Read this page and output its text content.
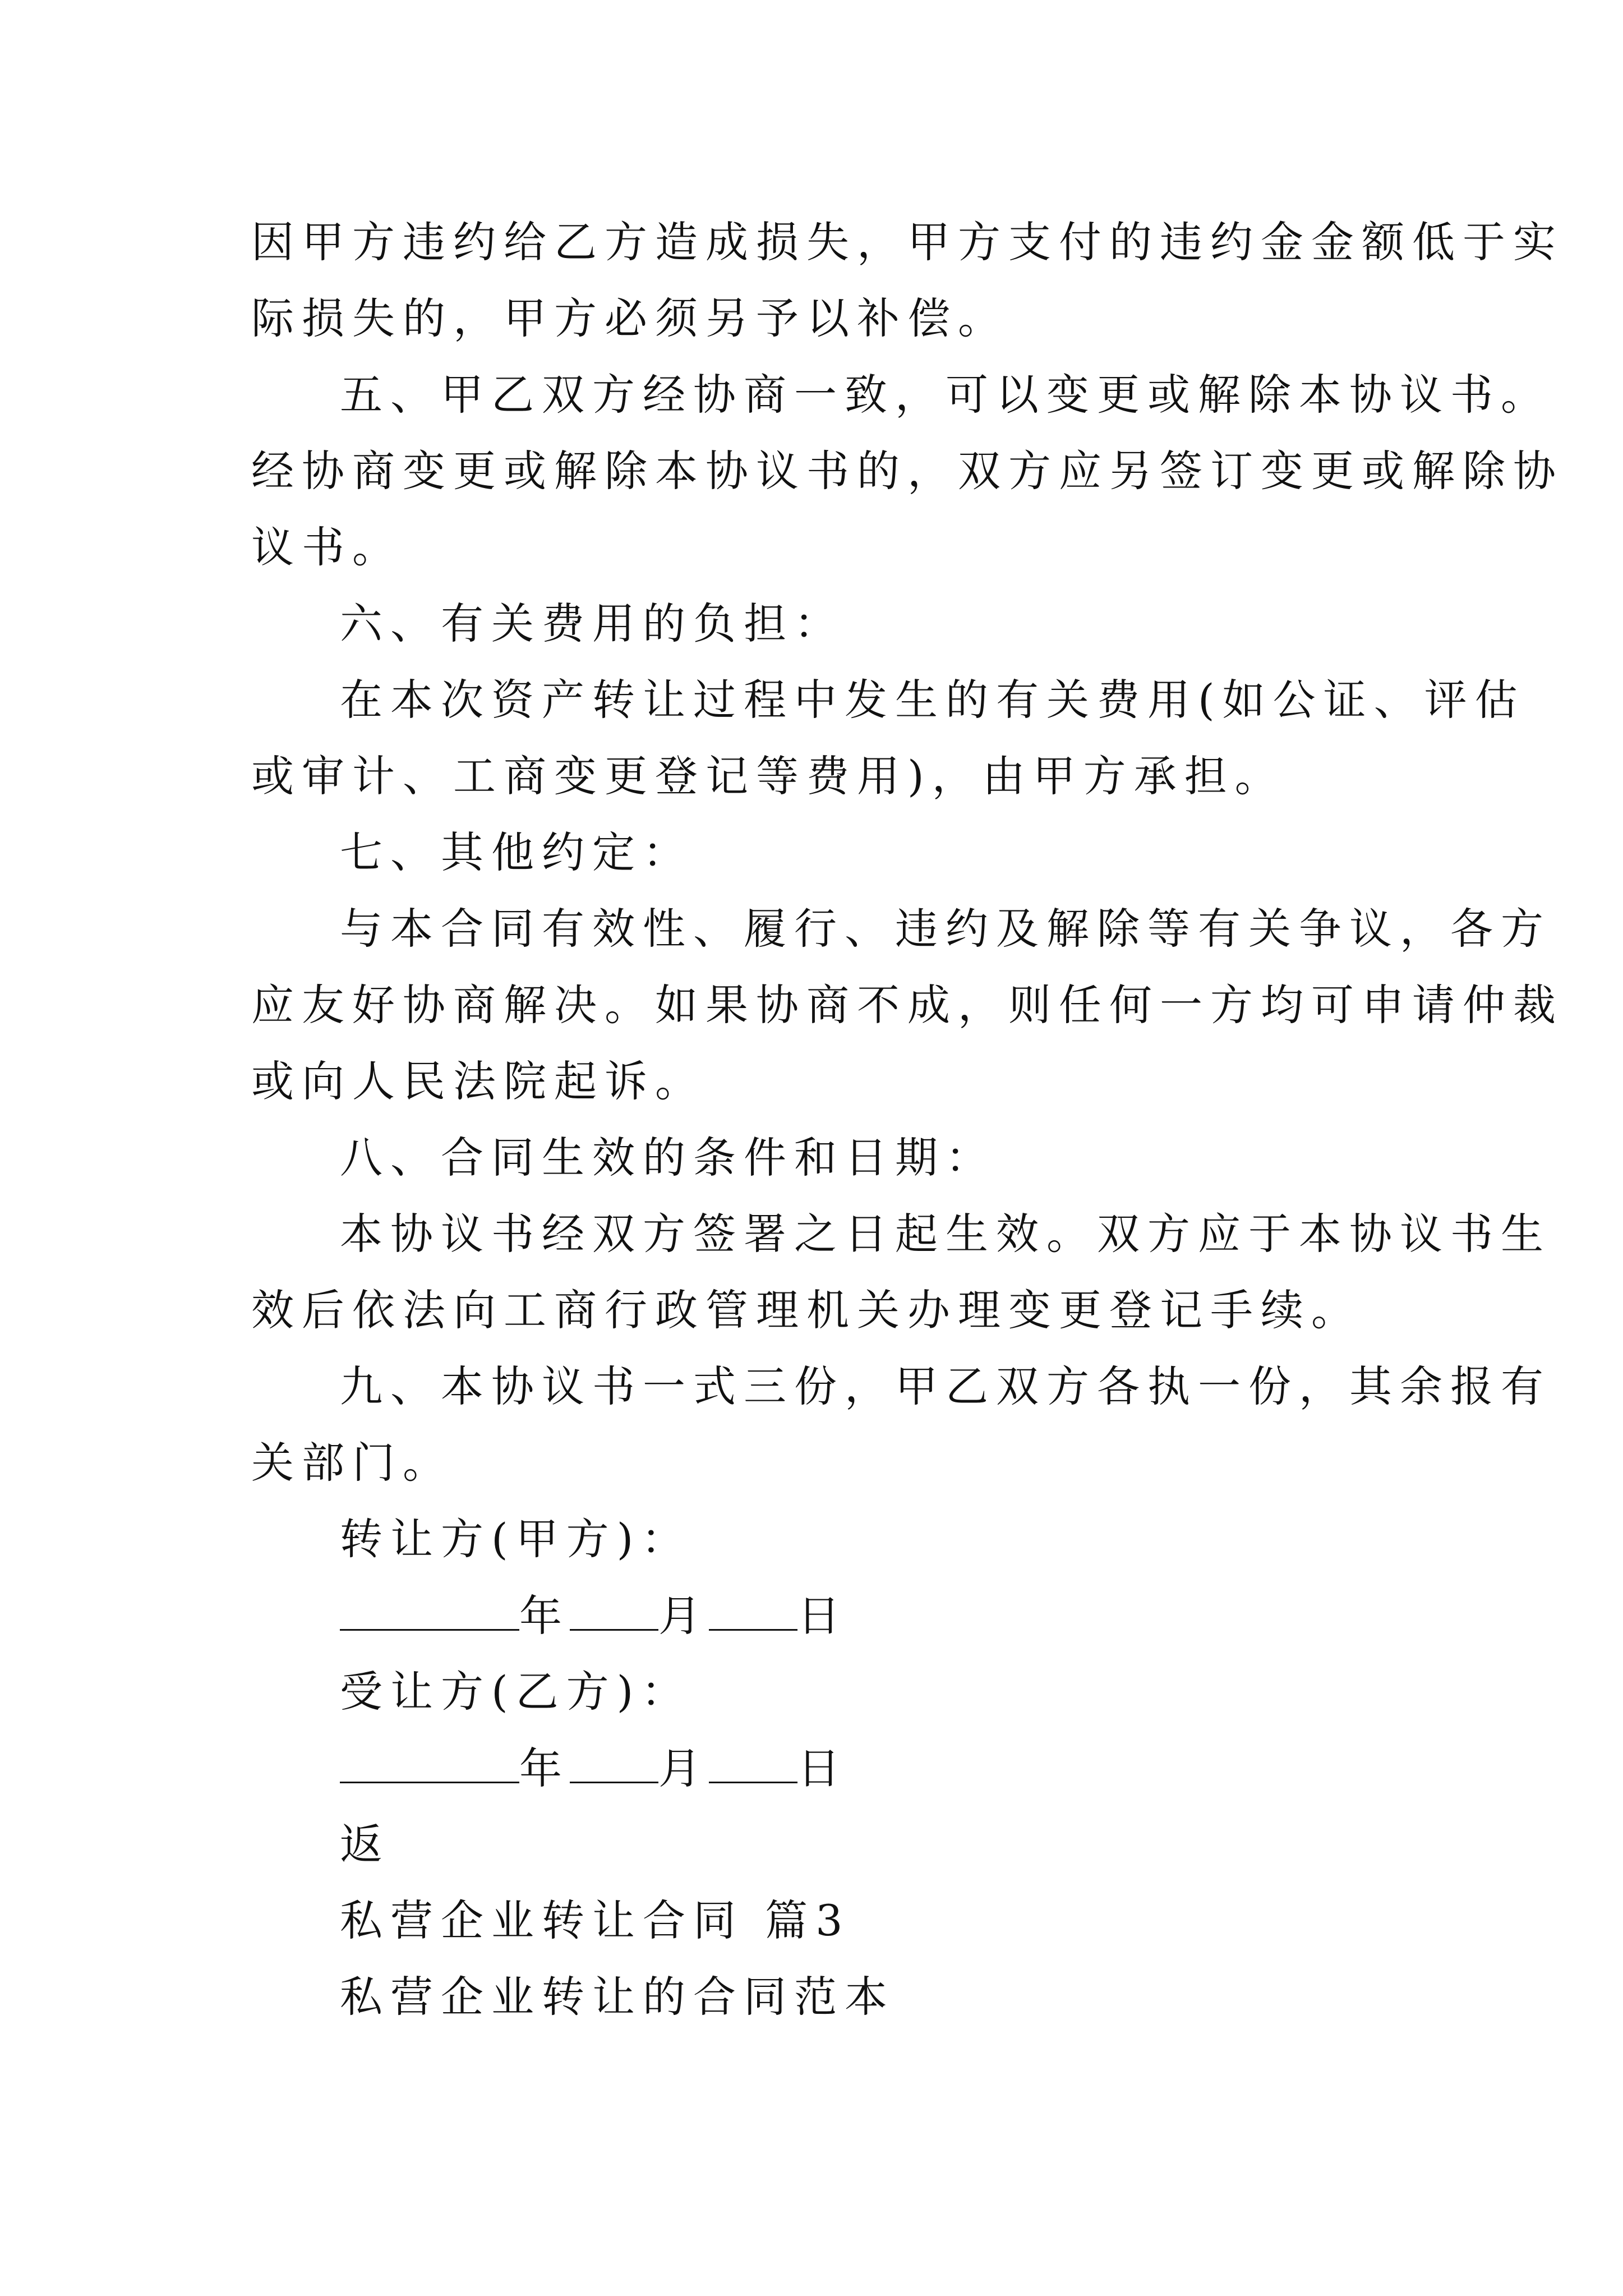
因甲方违约给乙方造成损失，甲方支付的违约金金额低于实
际损失的，甲方必须另予以补偿。
五、甲乙双方经协商一致，可以变更或解除本协议书。
经协商变更或解除本协议书的，双方应另签订变更或解除协
议书。
六、有关费用的负担：
在本次资产转让过程中发生的有关费用(如公证、评估
或审计、工商变更登记等费用)，由甲方承担。
七、其他约定：
与本合同有效性、履行、违约及解除等有关争议，各方
应友好协商解决。如果协商不成，则任何一方均可申请仲裁
或向人民法院起诉。
八、合同生效的条件和日期：
本协议书经双方签署之日起生效。双方应于本协议书生
效后依法向工商行政管理机关办理变更登记手续。
九、本协议书一式三份，甲乙双方各执一份，其余报有
关部门。
转让方(甲方)：
年 月 日
受让方(乙方)：
年 月 日
返
私营企业转让合同 篇3
私营企业转让的合同范本
